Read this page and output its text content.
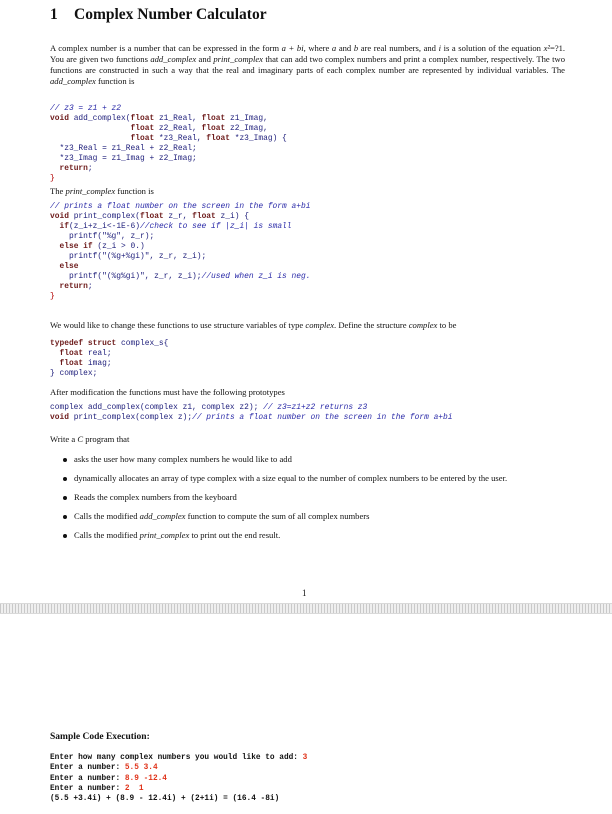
1 Complex Number Calculator

A complex number is a number that can be expressed in the form a + bi, where a and b are real numbers, and i is a solution of the equation x²=?1. You are given two functions add_complex and print_complex that can add two complex numbers and print a complex number, respectively. The two functions are constructed in such a way that the real and imaginary parts of each complex number are represented by individual variables. The add_complex function is

// z3 = z1 + z2
void add_complex(float z1_Real, float z1_Imag,
float z2_Real, float z2_Imag,
float *z3_Real, float *z3_Imag) {
*z3_Real = z1_Real + z2_Real;
*z3_Imag = z1_Imag + z2_Imag;
return;
}

The print_complex function is

// prints a float number on the screen in the form a+bi
void print_complex(float z_r, float z_i) {
if(z_i+z_i<-1E-6)//check to see if |z_i| is small
printf("%g", z_r);
else if (z_i > 0.)
printf("(%g+%gi)", z_r, z_i);
else
printf("(%g%gi)", z_r, z_i);//used when z_i is neg.
return;
}

We would like to change these functions to use structure variables of type complex. Define the structure complex to be

typedef struct complex_s{
float real;
float imag;
} complex;

After modification the functions must have the following prototypes

complex add_complex(complex z1, complex z2); // z3=z1+z2 returns z3
void print_complex(complex z);// prints a float number on the screen in the form a+bi

Write a C program that

asks the user how many complex numbers he would like to add
dynamically allocates an array of type complex with a size equal to the number of complex numbers to be entered by the user.
Reads the complex numbers from the keyboard
Calls the modified add_complex function to compute the sum of all complex numbers
Calls the modified print_complex to print out the end result.
1
Sample Code Execution:
Enter how many complex numbers you would like to add: 3
Enter a number: 5.5 3.4
Enter a number: 8.9 -12.4
Enter a number: 2  1
(5.5 +3.4i) + (8.9 - 12.4i) + (2+1i) = (16.4 -8i)
